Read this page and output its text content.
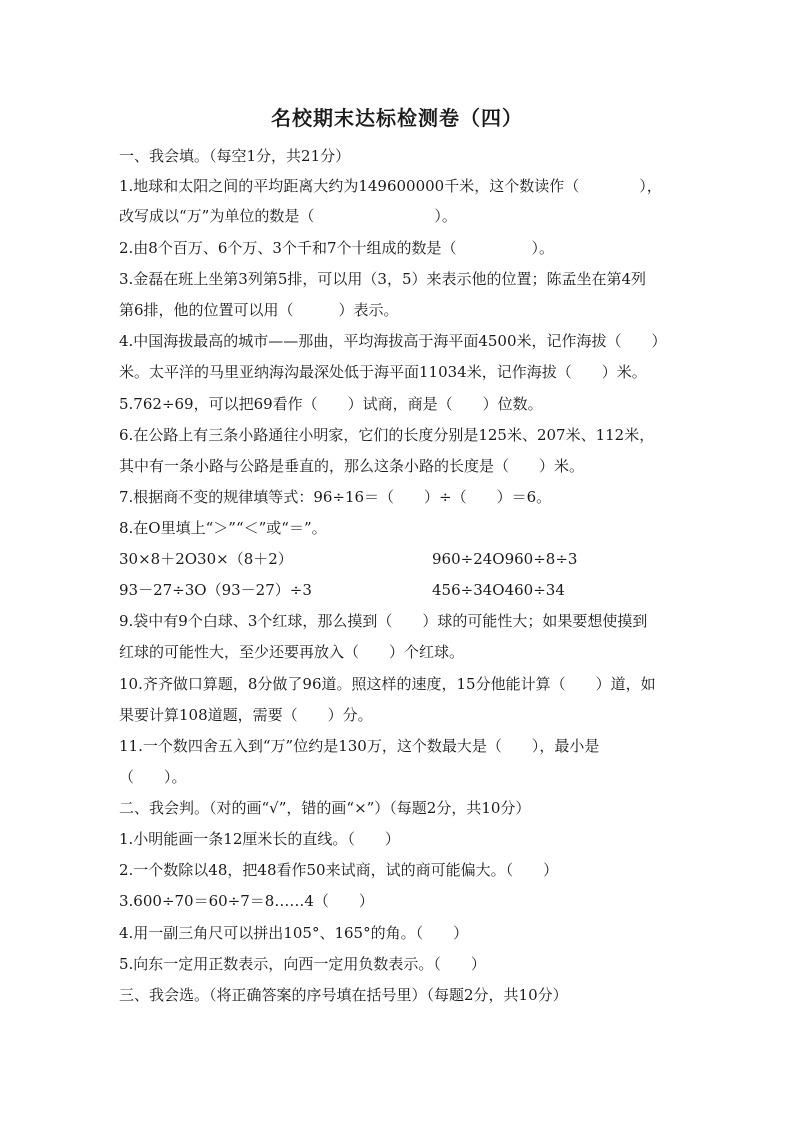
名校期末达标检测卷（四）
一、我会填。（每空1分，共21分）
1.地球和太阳之间的平均距离大约为149600000千米，这个数读作（　　　　），
改写成以“万”为单位的数是（　　　　　　　　）。
2.由8个百万、6个万、3个千和7个十组成的数是（　　　　　）。
3.金磊在班上坐第3列第5排，可以用（3，5）来表示他的位置；陈孟坐在第4列
第6排，他的位置可以用（　　　）表示。
4.中国海拔最高的城市——那曲，平均海拔高于海平面4500米，记作海拔（　　）
米。太平洋的马里亚纳海沟最深处低于海平面11034米，记作海拔（　　）米。
5.762÷69，可以把69看作（　　）试商，商是（　　）位数。
6.在公路上有三条小路通往小明家，它们的长度分别是125米、207米、112米，
其中有一条小路与公路是垂直的，那么这条小路的长度是（　　）米。
7.根据商不变的规律填等式：96÷16＝（　　）÷（　　）＝6。
8.在O里填上“＞”“＜”或“＝”。
30×8＋2O30×（8＋2）	960÷24O960÷8÷3
93－27÷3O（93－27）÷3	456÷34O460÷34
9.袋中有9个白球、3个红球，那么摸到（　　）球的可能性大；如果要想使摸到
红球的可能性大，至少还要再放入（　　）个红球。
10.齐齐做口算题，8分做了96道。照这样的速度，15分他能计算（　　）道，如
果要计算108道题，需要（　　）分。
11.一个数四舍五入到“万”位约是130万，这个数最大是（　　），最小是
（　　）。
二、我会判。（对的画“√”，错的画“×”）（每题2分，共10分）
1.小明能画一条12厘米长的直线。（　　）
2.一个数除以48，把48看作50来试商，试的商可能偏大。（　　）
3.600÷70＝60÷7＝8……4（　　）
4.用一副三角尺可以拼出105°、165°的角。（　　）
5.向东一定用正数表示，向西一定用负数表示。（　　）
三、我会选。（将正确答案的序号填在括号里）（每题2分，共10分）
